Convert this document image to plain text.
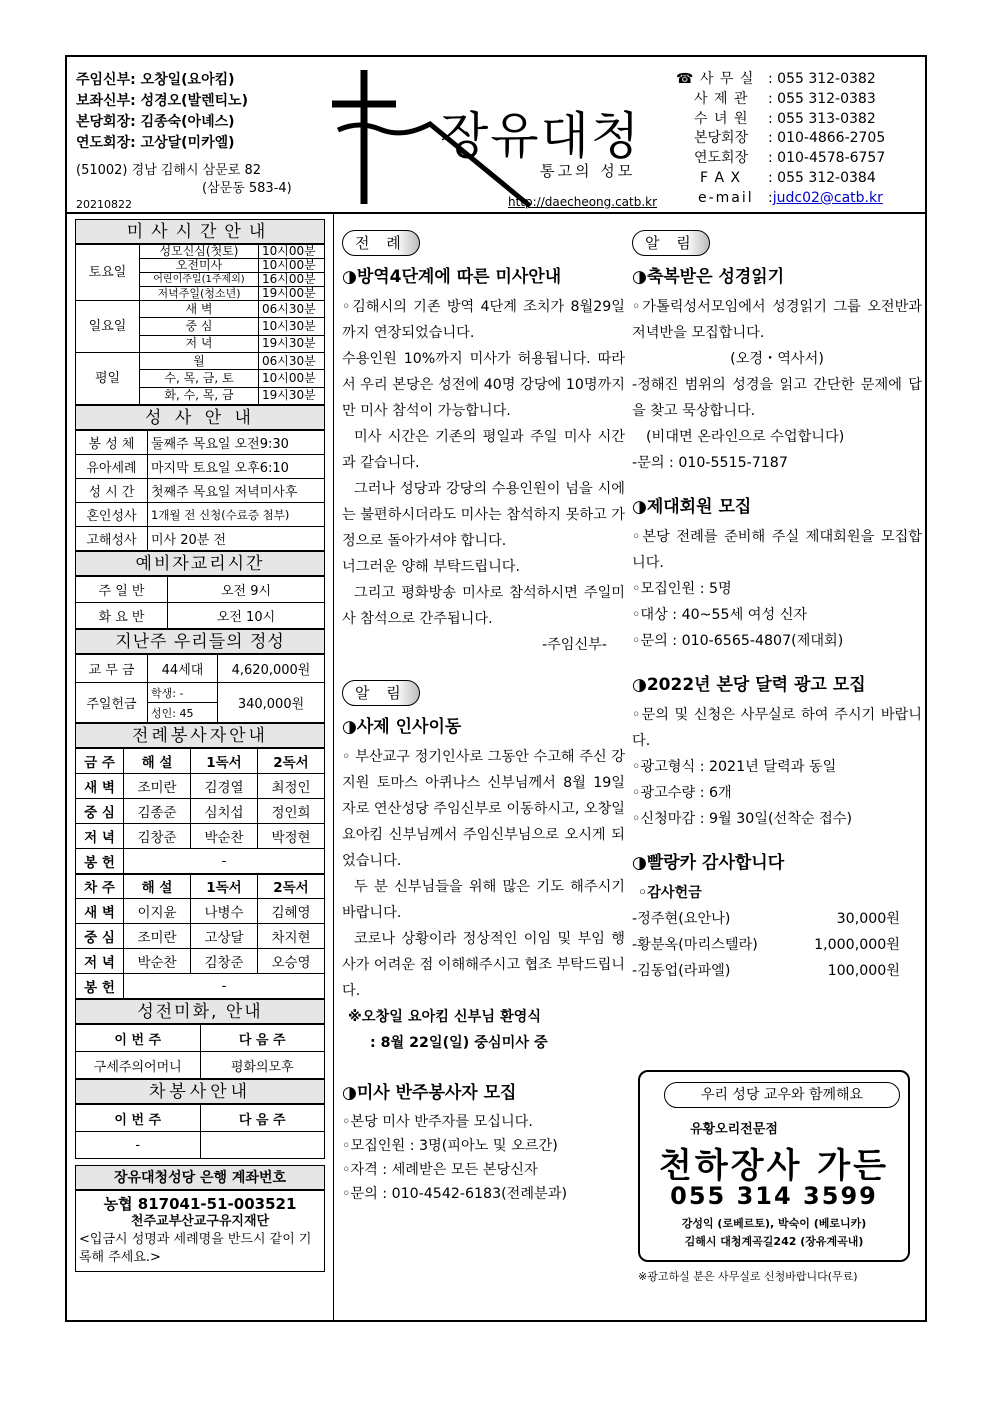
주임신부: 오창일(요아킴)
보좌신부: 성경오(발렌티노)
본당회장: 김종숙(아녜스)
연도회장: 고상달(미카엘)
(51002) 경남 김해시 삼문로 82
(삼문동 583-4)
20210822
장유대청
통고의 성모
http://daecheong.catb.kr
☎ 사 무 실 : 055 312-0382
사 제 관	: 055 312-0383
수 녀 원	: 055 313-0382
본당회장	: 010-4866-2705
연도회장	: 010-4578-6757
F A X	: 055 312-0384
e-mail	: judc02@catb.kr
미사시간안내
토요일	성모신심(첫토)	10시00분
	오전미사	10시00분
	어린이주일(1주제외)	16시00분
	저녁주일(청소년)	19시00분
일요일	새 벽	06시30분
	중 심	10시30분
	저 녁	19시30분
평일	월	06시30분
	수, 목, 금, 토	10시00분
	화, 수, 목, 금	19시30분
성 사 안 내
봉 성 체	둘째주 목요일 오전9:30
유아세례	마지막 토요일 오후6:10
성 시 간	첫째주 목요일 저녁미사후
혼인성사	1개월 전 신청(수료증 첨부)
고해성사	미사 20분 전
예비자교리시간
주 일 반	오전 9시
화 요 반	오전 10시
지난주 우리들의 정성
교 무 금	44세대	4,620,000원
주일헌금	학생: -	340,000원
	성인: 45	
전례봉사자안내
금 주	해 설	1독서	2독서
새 벽	조미란	김경열	최정인
중 심	김종준	심치섭	정인희
저 녁	김창준	박순찬	박정현
봉 헌	-		
차 주	해 설	1독서	2독서
새 벽	이지윤	나병수	김혜영
중 심	조미란	고상달	차지현
저 녁	박순찬	김창준	오승영
봉 헌	-		
성전미화, 안내
이 번 주	다 음 주
구세주의어머니	평화의모후
차봉사안내
이 번 주	다 음 주
-	
장유대청성당 은행 계좌번호
농협 817041-51-003521
천주교부산교구유지재단
<입금시 성명과 세례명을 반드시 같이 기록해 주세요.>
전 례
◑방역4단계에 따른 미사안내
◦김해시의 기존 방역 4단계 조치가 8월29일까지 연장되었습니다.
수용인원 10%까지 미사가 허용됩니다. 따라서 우리 본당은 성전에 40명 강당에 10명까지만 미사 참석이 가능합니다.
미사 시간은 기존의 평일과 주일 미사 시간과 같습니다.
그러나 성당과 강당의 수용인원이 넘을 시에는 불편하시더라도 미사는 참석하지 못하고 가정으로 돌아가셔야 합니다.
너그러운 양해 부탁드립니다.
그리고 평화방송 미사로 참석하시면 주일미사 참석으로 간주됩니다.
-주임신부-
알 림
◑사제 인사이동
◦ 부산교구 정기인사로 그동안 수고해 주신 강지원 토마스 아퀴나스 신부님께서 8월 19일 자로 연산성당 주임신부로 이동하시고, 오창일 요아킴 신부님께서 주임신부님으로 오시게 되었습니다.
두 분 신부님들을 위해 많은 기도 해주시기 바랍니다.
코로나 상황이라 정상적인 이임 및 부임 행사가 어려운 점 이해해주시고 협조 부탁드립니다.
※오창일 요아킴 신부님 환영식
: 8월 22일(일) 중심미사 중
◑미사 반주봉사자 모집
◦본당 미사 반주자를 모십니다.
◦모집인원 : 3명(피아노 및 오르간)
◦자격 : 세례받은 모든 본당신자
◦문의 : 010-4542-6183(전례분과)
알 림
◑축복받은 성경읽기
◦가톨릭성서모임에서 성경읽기 그룹 오전반과 저녁반을 모집합니다.
(오경・역사서)
-정해진 범위의 성경을 읽고 간단한 문제에 답을 찾고 묵상합니다.
(비대면 온라인으로 수업합니다)
-문의 : 010-5515-7187
◑제대회원 모집
◦본당 전례를 준비해 주실 제대회원을 모집합니다.
◦모집인원 : 5명
◦대상 : 40~55세 여성 신자
◦문의 : 010-6565-4807(제대회)
◑2022년 본당 달력 광고 모집
◦문의 및 신청은 사무실로 하여 주시기 바랍니다.
◦광고형식 : 2021년 달력과 동일
◦광고수량 : 6개
◦신청마감 : 9월 30일(선착순 접수)
◑빨랑카 감사합니다
◦감사헌금
-정주현(요안나)	30,000원
-황분옥(마리스텔라)	1,000,000원
-김동업(라파엘)	100,000원
우리 성당 교우와 함께해요
유황오리전문점
천하장사 가든
055 314 3599
강성익 (로베르토), 박숙이 (베로니카)
김해시 대청계곡길242 (장유계곡내)
※광고하실 분은 사무실로 신청바랍니다(무료)
